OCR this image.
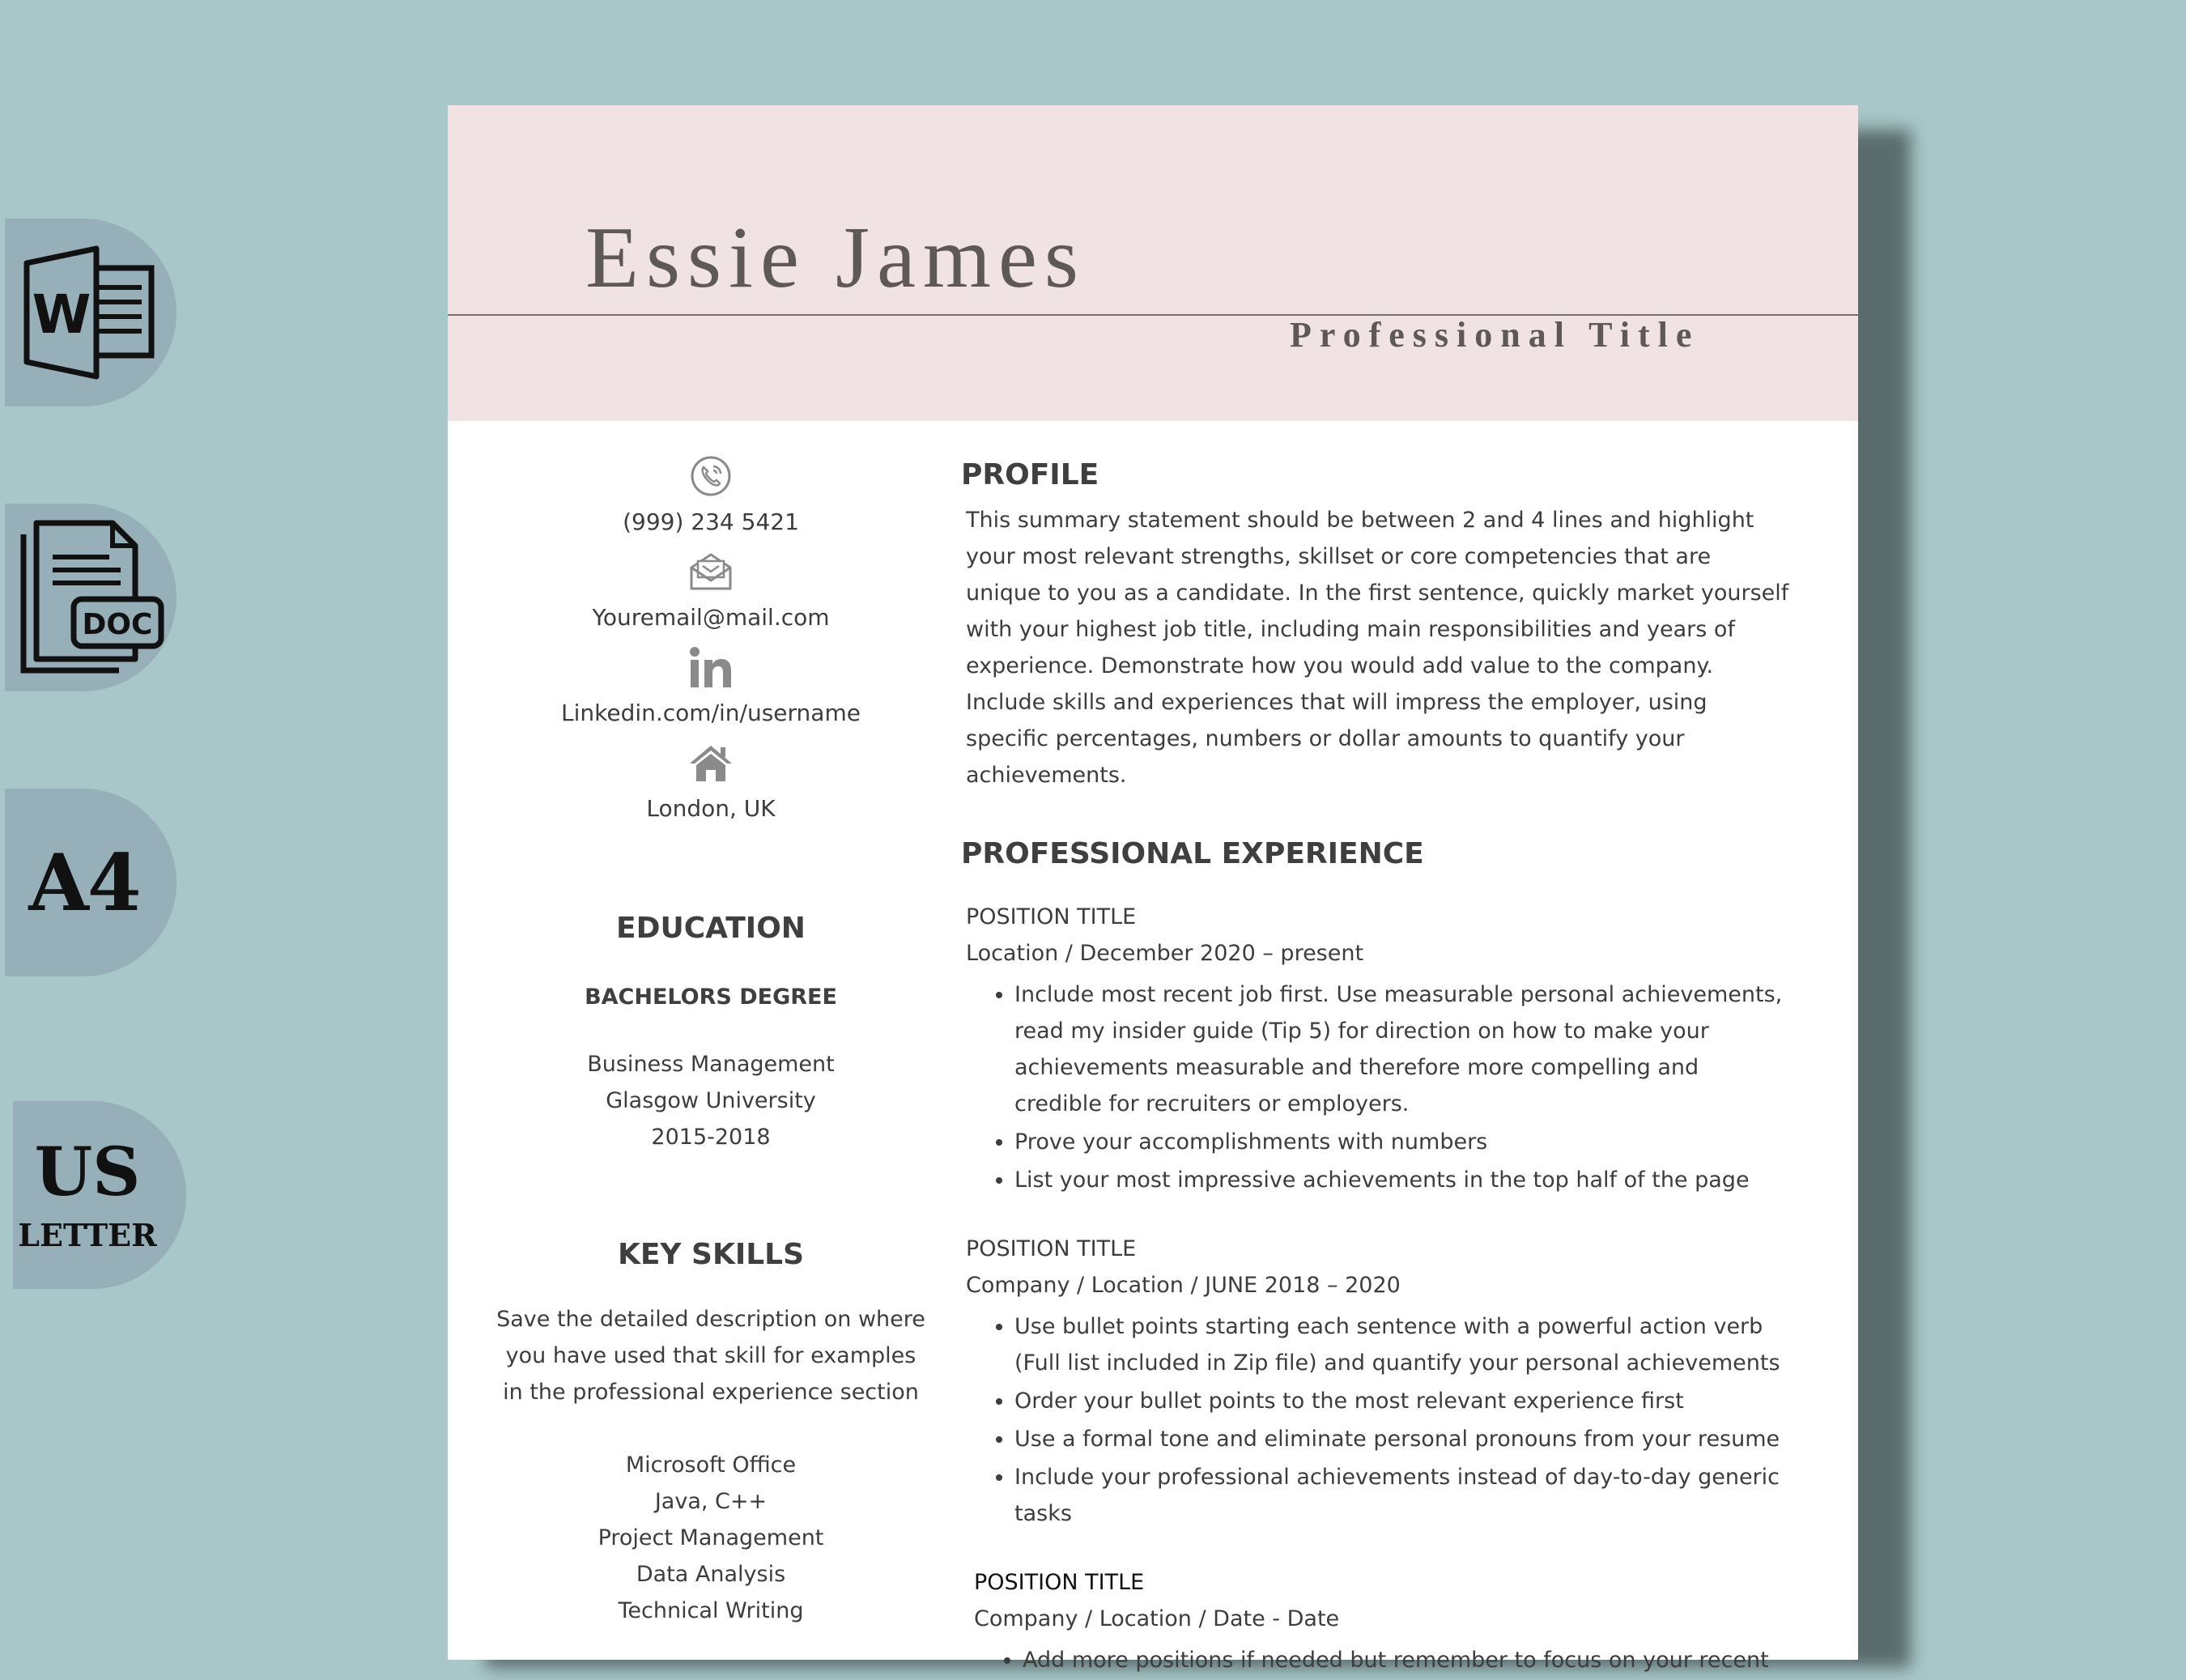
W
DOC
A4
US
LETTER
Essie James
Professional Title
(999) 234 5421
Youremail@mail.com
Linkedin.com/in/username
London, UK
EDUCATION
BACHELORS DEGREE
Business Management
Glasgow University
2015-2018
KEY SKILLS
Save the detailed description on where you have used that skill for examples in the professional experience section
Microsoft Office
Java, C++
Project Management
Data Analysis
Technical Writing
PROFILE
This summary statement should be between 2 and 4 lines and highlight your most relevant strengths, skillset or core competencies that are unique to you as a candidate. In the first sentence, quickly market yourself with your highest job title, including main responsibilities and years of experience. Demonstrate how you would add value to the company. Include skills and experiences that will impress the employer, using specific percentages, numbers or dollar amounts to quantify your achievements.
PROFESSIONAL EXPERIENCE
POSITION TITLE
Location / December 2020 – present
• Include most recent job first. Use measurable personal achievements, read my insider guide (Tip 5) for direction on how to make your achievements measurable and therefore more compelling and credible for recruiters or employers.
• Prove your accomplishments with numbers
• List your most impressive achievements in the top half of the page
POSITION TITLE
Company / Location / JUNE 2018 – 2020
• Use bullet points starting each sentence with a powerful action verb (Full list included in Zip file) and quantify your personal achievements
• Order your bullet points to the most relevant experience first
• Use a formal tone and eliminate personal pronouns from your resume
• Include your professional achievements instead of day-to-day generic tasks
POSITION TITLE
Company / Location / Date - Date
• Add more positions if needed but remember to focus on your recent
